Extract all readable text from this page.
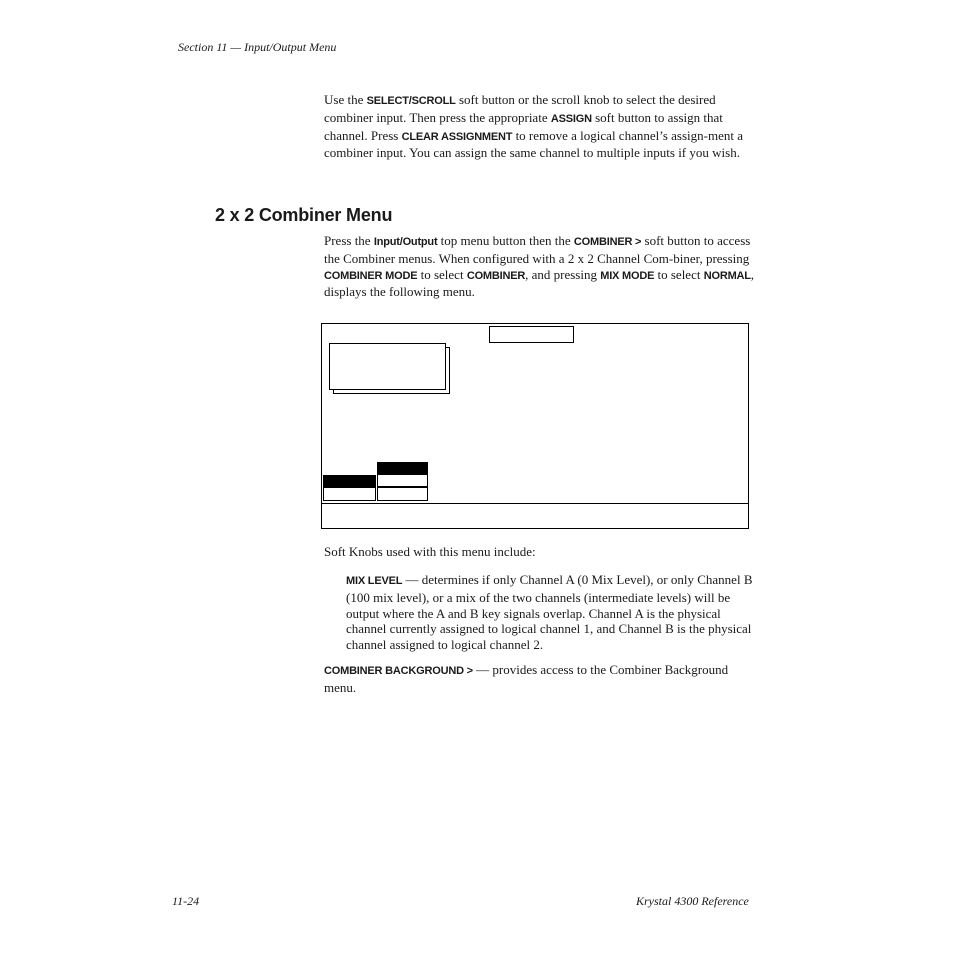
Section 11 — Input/Output Menu

Use the SELECT/SCROLL soft button or the scroll knob to select the desired combiner input. Then press the appropriate ASSIGN soft button to assign that channel. Press CLEAR ASSIGNMENT to remove a logical channel’s assign-ment a combiner input. You can assign the same channel to multiple inputs if you wish.

2 x 2 Combiner Menu

Press the Input/Output top menu button then the COMBINER > soft button to access the Combiner menus. When configured with a 2 x 2 Channel Com-biner, pressing COMBINER MODE to select COMBINER, and pressing MIX MODE to select NORMAL, displays the following menu.

Soft Knobs used with this menu include:

MIX LEVEL — determines if only Channel A (0 Mix Level), or only Channel B (100 mix level), or a mix of the two channels (intermediate levels) will be output where the A and B key signals overlap. Channel A is the physical channel currently assigned to logical channel 1, and Channel B is the physical channel assigned to logical channel 2.

COMBINER BACKGROUND > — provides access to the Combiner Background menu.

11-24	Krystal 4300 Reference
